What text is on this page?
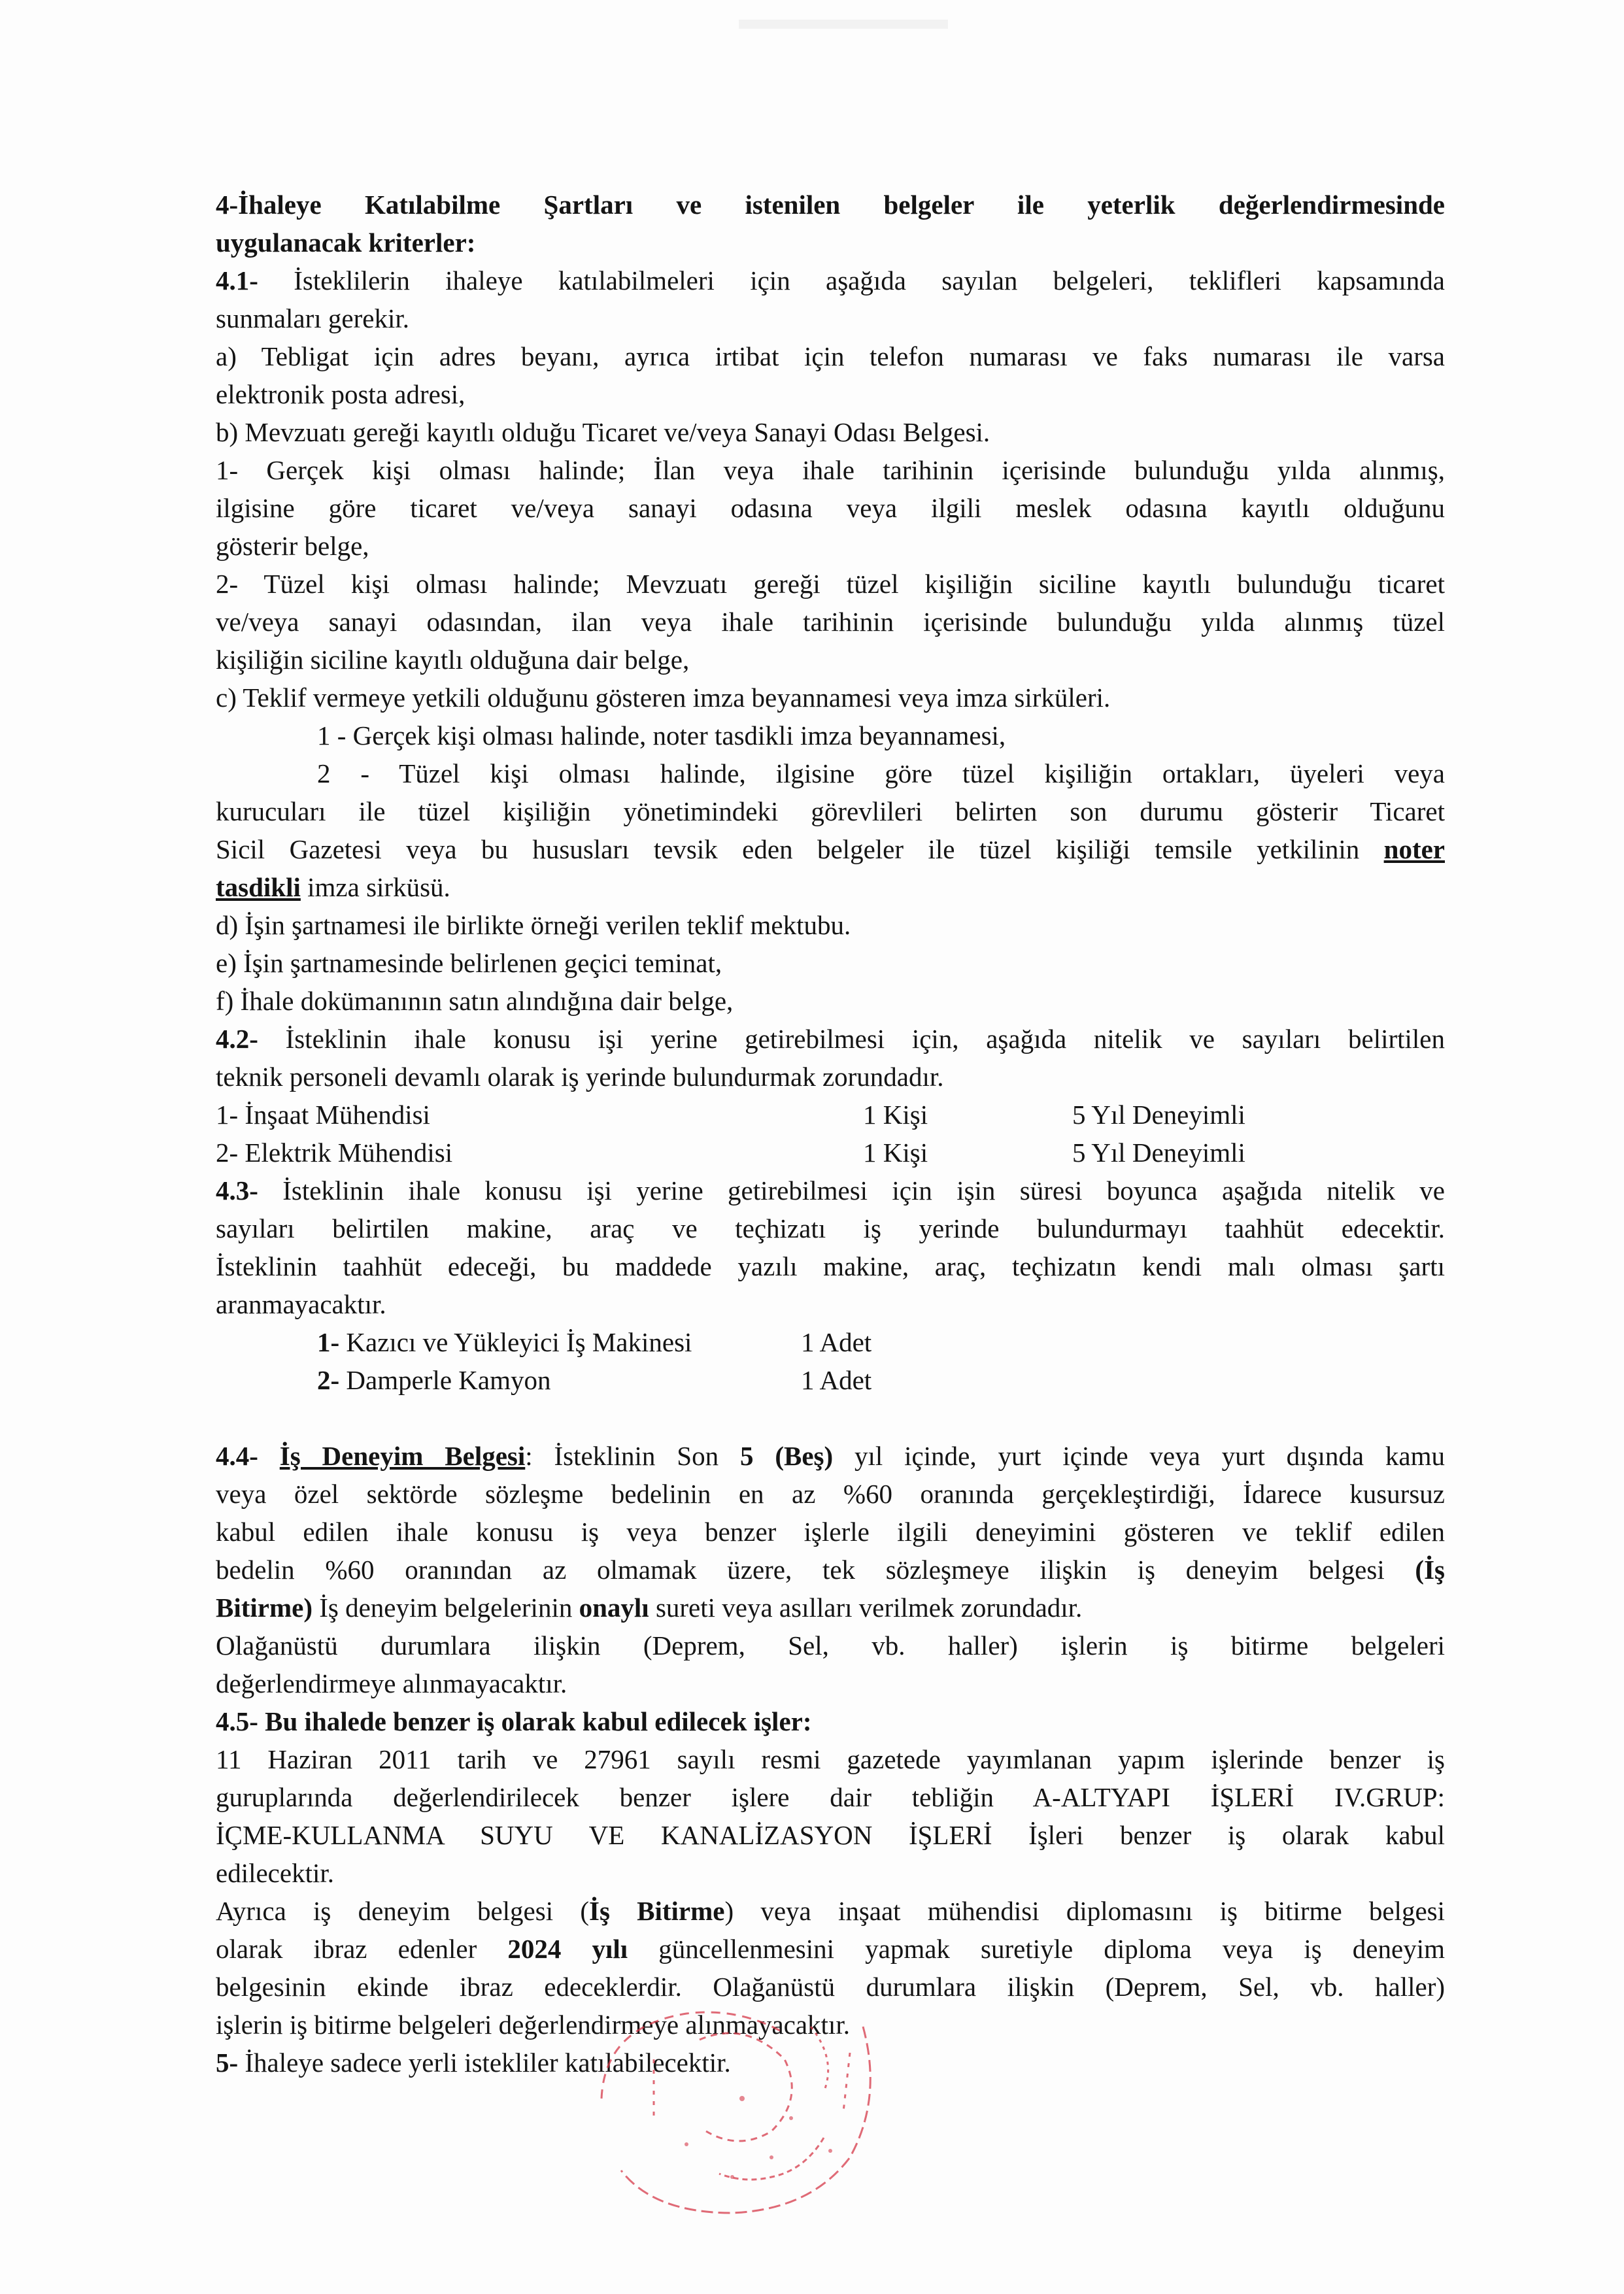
4-İhaleye Katılabilme Şartları ve istenilen belgeler ile yeterlik değerlendirmesinde
uygulanacak kriterler:
4.1- İsteklilerin ihaleye katılabilmeleri için aşağıda sayılan belgeleri, teklifleri kapsamında
sunmaları gerekir.
a) Tebligat için adres beyanı, ayrıca irtibat için telefon numarası ve faks numarası ile varsa
elektronik posta adresi,
b) Mevzuatı gereği kayıtlı olduğu Ticaret ve/veya Sanayi Odası Belgesi.
1- Gerçek kişi olması halinde; İlan veya ihale tarihinin içerisinde bulunduğu yılda alınmış,
ilgisine göre ticaret ve/veya sanayi odasına veya ilgili meslek odasına kayıtlı olduğunu
gösterir belge,
2- Tüzel kişi olması halinde; Mevzuatı gereği tüzel kişiliğin siciline kayıtlı bulunduğu ticaret
ve/veya sanayi odasından, ilan veya ihale tarihinin içerisinde bulunduğu yılda alınmış tüzel
kişiliğin siciline kayıtlı olduğuna dair belge,
c) Teklif vermeye yetkili olduğunu gösteren imza beyannamesi veya imza sirküleri.
1 - Gerçek kişi olması halinde, noter tasdikli imza beyannamesi,
2 - Tüzel kişi olması halinde, ilgisine göre tüzel kişiliğin ortakları, üyeleri veya
kurucuları ile tüzel kişiliğin yönetimindeki görevlileri belirten son durumu gösterir Ticaret
Sicil Gazetesi veya bu hususları tevsik eden belgeler ile tüzel kişiliği temsile yetkilinin noter
tasdikli imza sirküsü.
d) İşin şartnamesi ile birlikte örneği verilen teklif mektubu.
e) İşin şartnamesinde belirlenen geçici teminat,
f) İhale dokümanının satın alındığına dair belge,
4.2- İsteklinin ihale konusu işi yerine getirebilmesi için, aşağıda nitelik ve sayıları belirtilen
teknik personeli devamlı olarak iş yerinde bulundurmak zorundadır.
1- İnşaat Mühendisi	1 Kişi	5 Yıl Deneyimli
2- Elektrik Mühendisi	1 Kişi	5 Yıl Deneyimli
4.3- İsteklinin ihale konusu işi yerine getirebilmesi için işin süresi boyunca aşağıda nitelik ve
sayıları belirtilen makine, araç ve teçhizatı iş yerinde bulundurmayı taahhüt edecektir.
İsteklinin taahhüt edeceği, bu maddede yazılı makine, araç, teçhizatın kendi malı olması şartı
aranmayacaktır.
1- Kazıcı ve Yükleyici İş Makinesi	1 Adet
2- Damperle Kamyon	1 Adet
4.4- İş Deneyim Belgesi: İsteklinin Son 5 (Beş) yıl içinde, yurt içinde veya yurt dışında kamu
veya özel sektörde sözleşme bedelinin en az %60 oranında gerçekleştirdiği, İdarece kusursuz
kabul edilen ihale konusu iş veya benzer işlerle ilgili deneyimini gösteren ve teklif edilen
bedelin %60 oranından az olmamak üzere, tek sözleşmeye ilişkin iş deneyim belgesi (İş
Bitirme) İş deneyim belgelerinin onaylı sureti veya asılları verilmek zorundadır.
Olağanüstü durumlara ilişkin (Deprem, Sel, vb. haller) işlerin iş bitirme belgeleri
değerlendirmeye alınmayacaktır.
4.5- Bu ihalede benzer iş olarak kabul edilecek işler:
11 Haziran 2011 tarih ve 27961 sayılı resmi gazetede yayımlanan yapım işlerinde benzer iş
guruplarında değerlendirilecek benzer işlere dair tebliğin A-ALTYAPI İŞLERİ IV.GRUP:
İÇME-KULLANMA SUYU VE KANALİZASYON İŞLERİ İşleri benzer iş olarak kabul
edilecektir.
Ayrıca iş deneyim belgesi (İş Bitirme) veya inşaat mühendisi diplomasını iş bitirme belgesi
olarak ibraz edenler 2024 yılı güncellenmesini yapmak suretiyle diploma veya iş deneyim
belgesinin ekinde ibraz edeceklerdir. Olağanüstü durumlara ilişkin (Deprem, Sel, vb. haller)
işlerin iş bitirme belgeleri değerlendirmeye alınmayacaktır.
5- İhaleye sadece yerli istekliler katılabilecektir.
